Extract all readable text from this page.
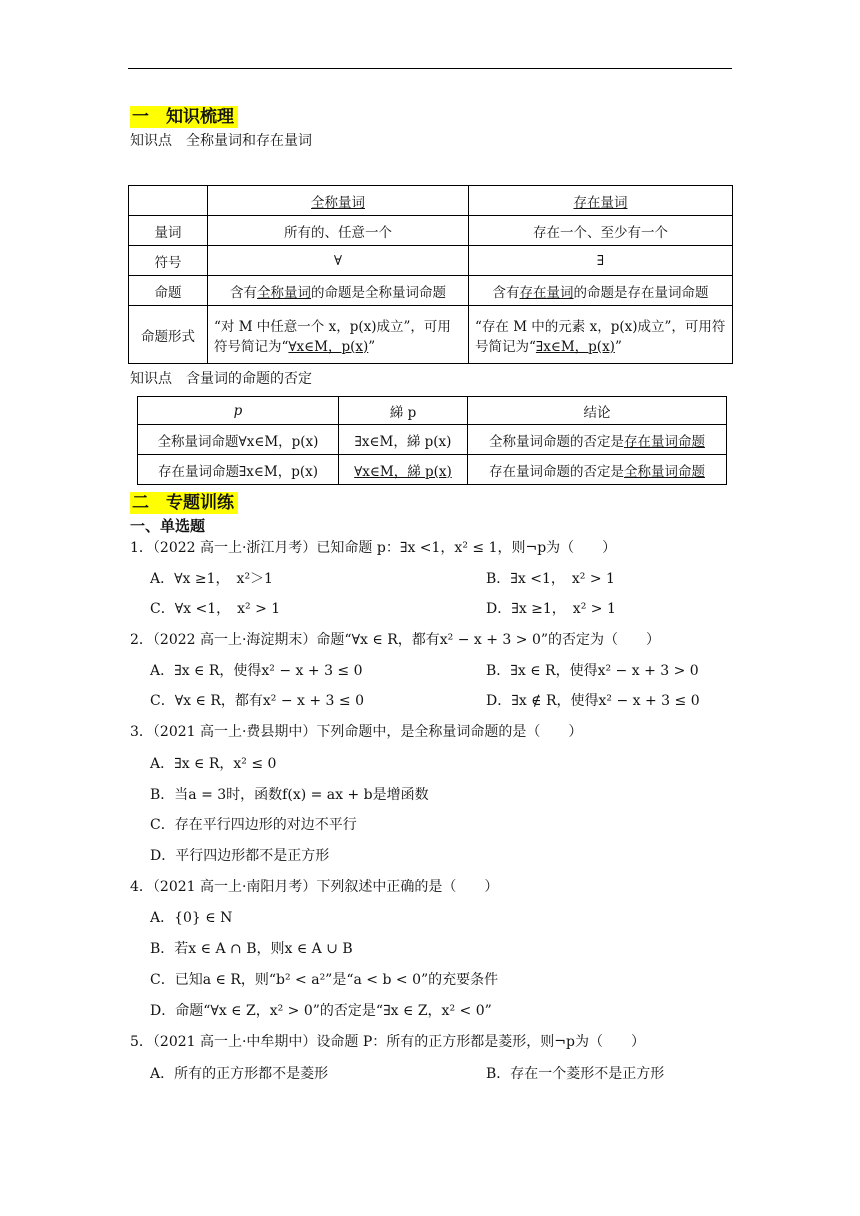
一　知识梳理
知识点　全称量词和存在量词
	全称量词	存在量词
量词	所有的、任意一个	存在一个、至少有一个
符号	∀	∃
命题	含有全称量词的命题是全称量词命题	含有存在量词的命题是存在量词命题
命题形式	“对 M 中任意一个 x，p(x)成立”，可用符号简记为“∀x∈M，p(x)”	“存在 M 中的元素 x，p(x)成立”，可用符号简记为“∃x∈M，p(x)”
知识点　含量词的命题的否定
p	綈 p	结论
全称量词命题∀x∈M，p(x)	∃x∈M，綈 p(x)	全称量词命题的否定是存在量词命题
存在量词命题∃x∈M，p(x)	∀x∈M，綈 p(x)	存在量词命题的否定是全称量词命题
二　专题训练
一、单选题
1．（2022 高一上·浙江月考）已知命题 p：∃x <1，x² ≤ 1，则¬p为（　　）
A．∀x ≥1，　x²＞1	B．∃x <1，　x² > 1
C．∀x <1，　x² > 1	D．∃x ≥1，　x² > 1
2．（2022 高一上·海淀期末）命题“∀x ∈ R，都有x² − x + 3 > 0”的否定为（　　）
A．∃x ∈ R，使得x² − x + 3 ≤ 0	B．∃x ∈ R，使得x² − x + 3 > 0
C．∀x ∈ R，都有x² − x + 3 ≤ 0	D．∃x ∉ R，使得x² − x + 3 ≤ 0
3．（2021 高一上·费县期中）下列命题中，是全称量词命题的是（　　）
A．∃x ∈ R，x² ≤ 0
B．当a = 3时，函数f(x) = ax + b是增函数
C．存在平行四边形的对边不平行
D．平行四边形都不是正方形
4．（2021 高一上·南阳月考）下列叙述中正确的是（　　）
A．{0} ∈ N
B．若x ∈ A ∩ B，则x ∈ A ∪ B
C．已知a ∈ R，则“b² < a²”是“a < b < 0”的充要条件
D．命题“∀x ∈ Z，x² > 0”的否定是“∃x ∈ Z，x² < 0”
5．（2021 高一上·中牟期中）设命题 P：所有的正方形都是菱形，则¬p为（　　）
A．所有的正方形都不是菱形	B．存在一个菱形不是正方形
